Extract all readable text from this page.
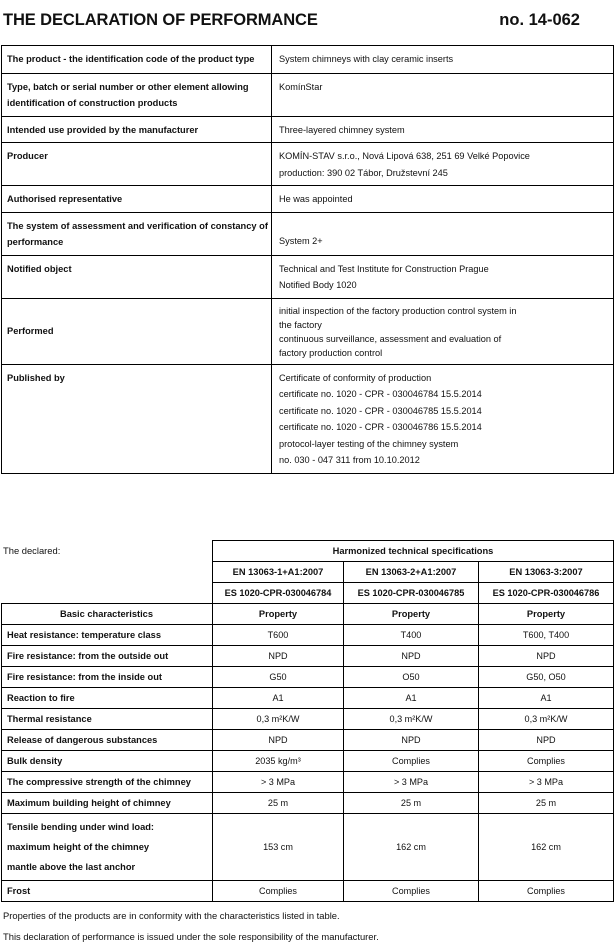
THE DECLARATION OF PERFORMANCE	no. 14-062
The product - the identification code of the product type	System chimneys with clay ceramic inserts

Type, batch or serial number or other element allowing identification of construction products	KomínStar

Intended use provided by the manufacturer	Three-layered chimney system

Producer	KOMÍN-STAV s.r.o., Nová Lipová 638, 251 69 Velké Popovice
production: 390 02 Tábor, Družstevní 245

Authorised representative	He was appointed

The system of assessment and verification of constancy of performance	System 2+

Notified object	Technical and Test Institute for Construction Prague
Notified Body 1020

Performed	initial inspection of the factory production control system in
the factory
continuous surveillance, assessment and evaluation of
factory production control

Published by	Certificate of conformity of production
certificate no. 1020 - CPR - 030046784 15.5.2014
certificate no. 1020 - CPR - 030046785 15.5.2014
certificate no. 1020 - CPR - 030046786 15.5.2014
protocol-layer testing of the chimney system
no. 030 - 047 311 from 10.10.2012
The declared:
		Harmonized technical specifications		
	EN 13063-1+A1:2007	EN 13063-2+A1:2007	EN 13063-3:2007
	ES 1020-CPR-030046784	ES 1020-CPR-030046785	ES 1020-CPR-030046786
Basic characteristics	Property	Property	Property
Heat resistance: temperature class	T600	T400	T600, T400
Fire resistance: from the outside out	NPD	NPD	NPD
Fire resistance: from the inside out	G50	O50	G50, O50
Reaction to fire	A1	A1	A1
Thermal resistance	0,3 m²K/W	0,3 m²K/W	0,3 m²K/W
Release of dangerous substances	NPD	NPD	NPD
Bulk density	2035 kg/m³	Complies	Complies
The compressive strength of the chimney	> 3 MPa	> 3 MPa	> 3 MPa
Maximum building height of chimney	25 m	25 m	25 m

Tensile bending under wind load:
maximum height of the chimney
mantle above the last anchor	153 cm	162 cm	162 cm
Frost	Complies	Complies	Complies

Properties of the products are in conformity with the characteristics listed in table.

This declaration of performance is issued under the sole responsibility of the manufacturer.
